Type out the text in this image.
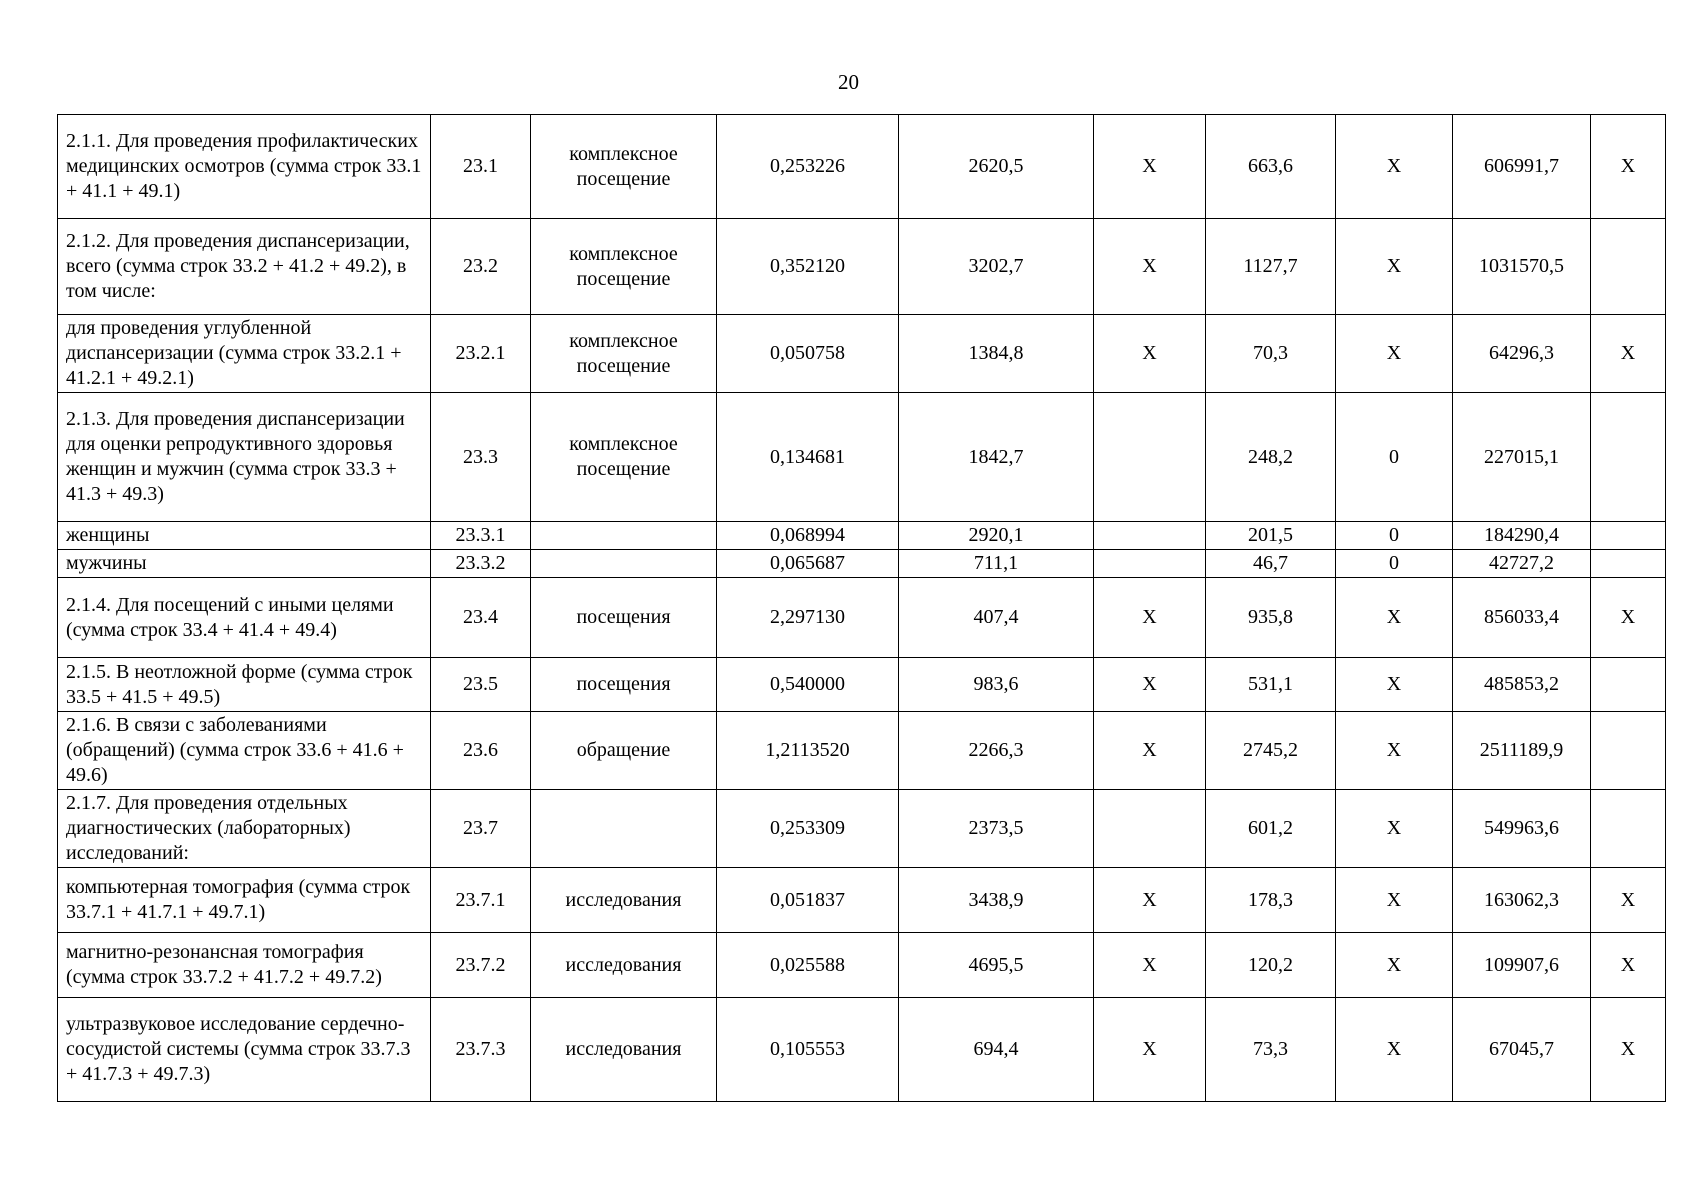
20
2.1.1. Для проведения профилактических медицинских осмотров (сумма строк 33.1 + 41.1 + 49.1)	23.1	комплексное посещение	0,253226	2620,5	X	663,6	X	606991,7	X
2.1.2. Для проведения диспансеризации, всего (сумма строк 33.2 + 41.2 + 49.2), в том числе:	23.2	комплексное посещение	0,352120	3202,7	X	1127,7	X	1031570,5	
для проведения углубленной диспансеризации (сумма строк 33.2.1 + 41.2.1 + 49.2.1)	23.2.1	комплексное посещение	0,050758	1384,8	X	70,3	X	64296,3	X
2.1.3. Для проведения диспансеризации для оценки репродуктивного здоровья женщин и мужчин (сумма строк 33.3 + 41.3 + 49.3)	23.3	комплексное посещение	0,134681	1842,7		248,2	0	227015,1	
женщины	23.3.1		0,068994	2920,1		201,5	0	184290,4	
мужчины	23.3.2		0,065687	711,1		46,7	0	42727,2	
2.1.4. Для посещений с иными целями (сумма строк 33.4 + 41.4 + 49.4)	23.4	посещения	2,297130	407,4	X	935,8	X	856033,4	X
2.1.5. В неотложной форме (сумма строк 33.5 + 41.5 + 49.5)	23.5	посещения	0,540000	983,6	X	531,1	X	485853,2	
2.1.6. В связи с заболеваниями (обращений) (сумма строк 33.6 + 41.6 + 49.6)	23.6	обращение	1,2113520	2266,3	X	2745,2	X	2511189,9	
2.1.7. Для проведения отдельных диагностических (лабораторных) исследований:	23.7		0,253309	2373,5		601,2	X	549963,6	
компьютерная томография (сумма строк 33.7.1 + 41.7.1 + 49.7.1)	23.7.1	исследования	0,051837	3438,9	X	178,3	X	163062,3	X
магнитно-резонансная томография (сумма строк 33.7.2 + 41.7.2 + 49.7.2)	23.7.2	исследования	0,025588	4695,5	X	120,2	X	109907,6	X
ультразвуковое исследование сердечно-сосудистой системы (сумма строк 33.7.3 + 41.7.3 + 49.7.3)	23.7.3	исследования	0,105553	694,4	X	73,3	X	67045,7	X
